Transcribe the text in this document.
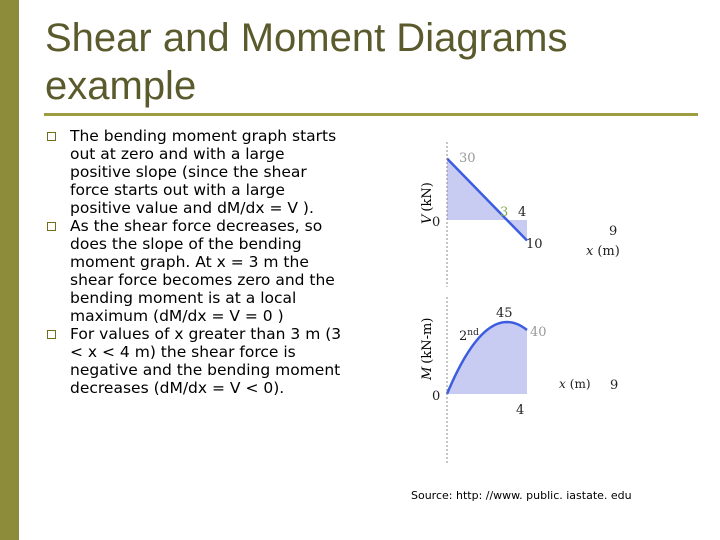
Shear and Moment Diagrams
example
The bending moment graph starts out at zero and with a large positive slope (since the shear force starts out with a large positive value and dM/dx = V ).
As the shear force decreases, so does the slope of the bending moment graph. At x = 3 m the shear force becomes zero and the bending moment is at a local maximum (dM/dx = V = 0 )
For values of x greater than 3 m (3 < x < 4 m) the shear force is negative and the bending moment decreases (dM/dx = V < 0).
V(kN)
30
0
3 4
10
9
x (m)
M(kN-m)
45
2nd	40
0
4
x (m) 9
Source: http: //www. public. iastate. edu
